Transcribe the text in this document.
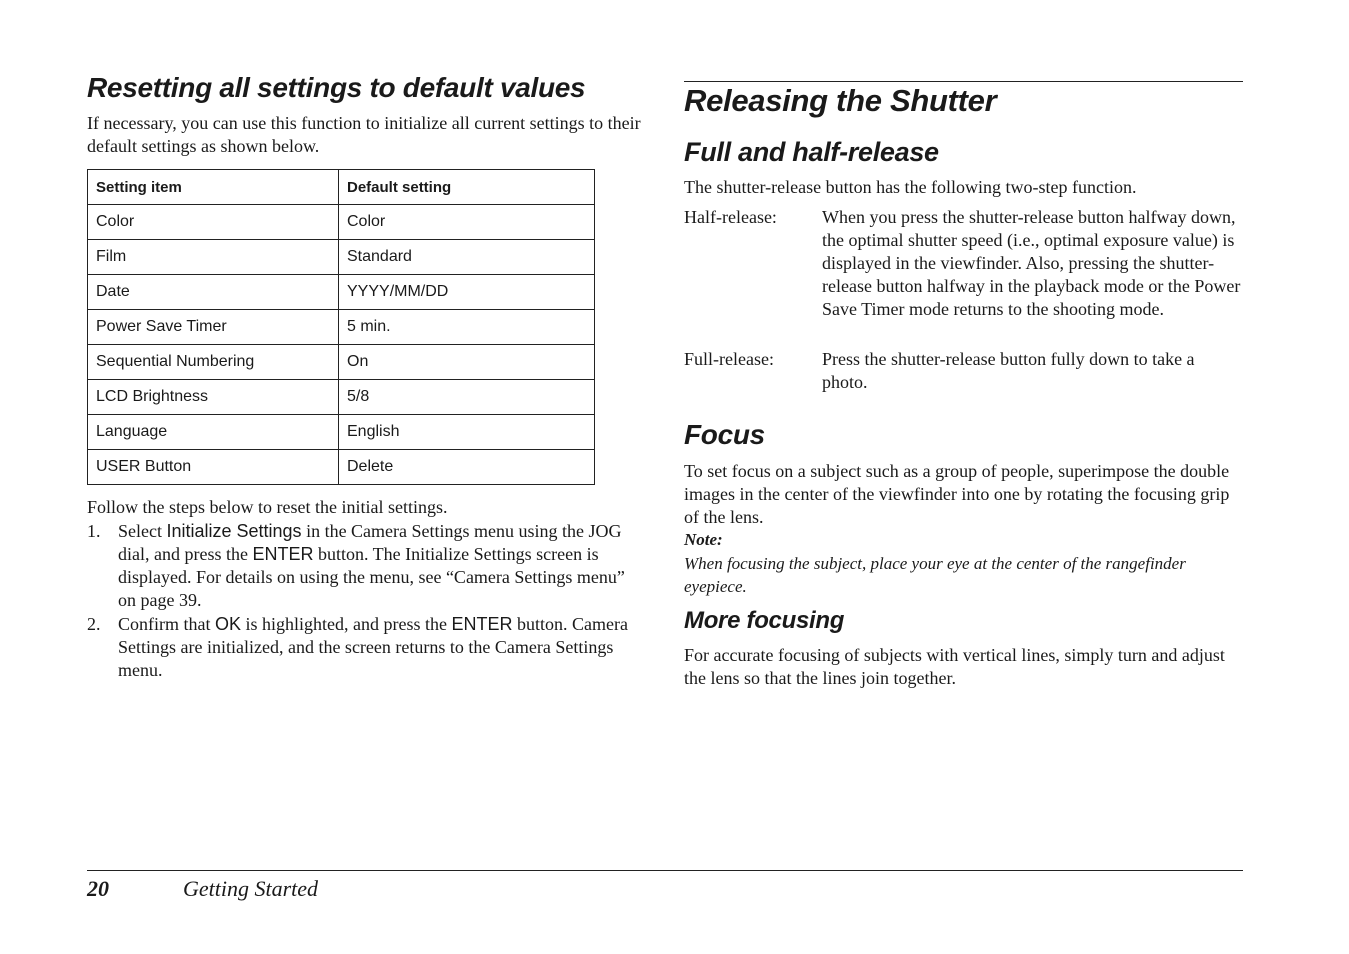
Resetting all settings to default values

If necessary, you can use this function to initialize all current settings to their default settings as shown below.

Setting item	Default setting
Color	Color
Film	Standard
Date	YYYY/MM/DD
Power Save Timer	5 min.
Sequential Numbering	On
LCD Brightness	5/8
Language	English
USER Button	Delete

Follow the steps below to reset the initial settings.

1. Select Initialize Settings in the Camera Settings menu using the JOG dial, and press the ENTER button. The Initialize Settings screen is displayed. For details on using the menu, see “Camera Settings menu” on page 39.
2. Confirm that OK is highlighted, and press the ENTER button. Camera Settings are initialized, and the screen returns to the Camera Settings menu.
Releasing the Shutter
Full and half-release

The shutter-release button has the following two-step function.

Half-release:	When you press the shutter-release button halfway down, the optimal shutter speed (i.e., optimal exposure value) is displayed in the viewfinder. Also, pressing the shutter-release button halfway in the playback mode or the Power Save Timer mode returns to the shooting mode.
Full-release:	Press the shutter-release button fully down to take a photo.
Focus

To set focus on a subject such as a group of people, superimpose the double images in the center of the viewfinder into one by rotating the focusing grip of the lens.

Note:
When focusing the subject, place your eye at the center of the rangefinder eyepiece.
More focusing

For accurate focusing of subjects with vertical lines, simply turn and adjust the lens so that the lines join together.

20	Getting Started
